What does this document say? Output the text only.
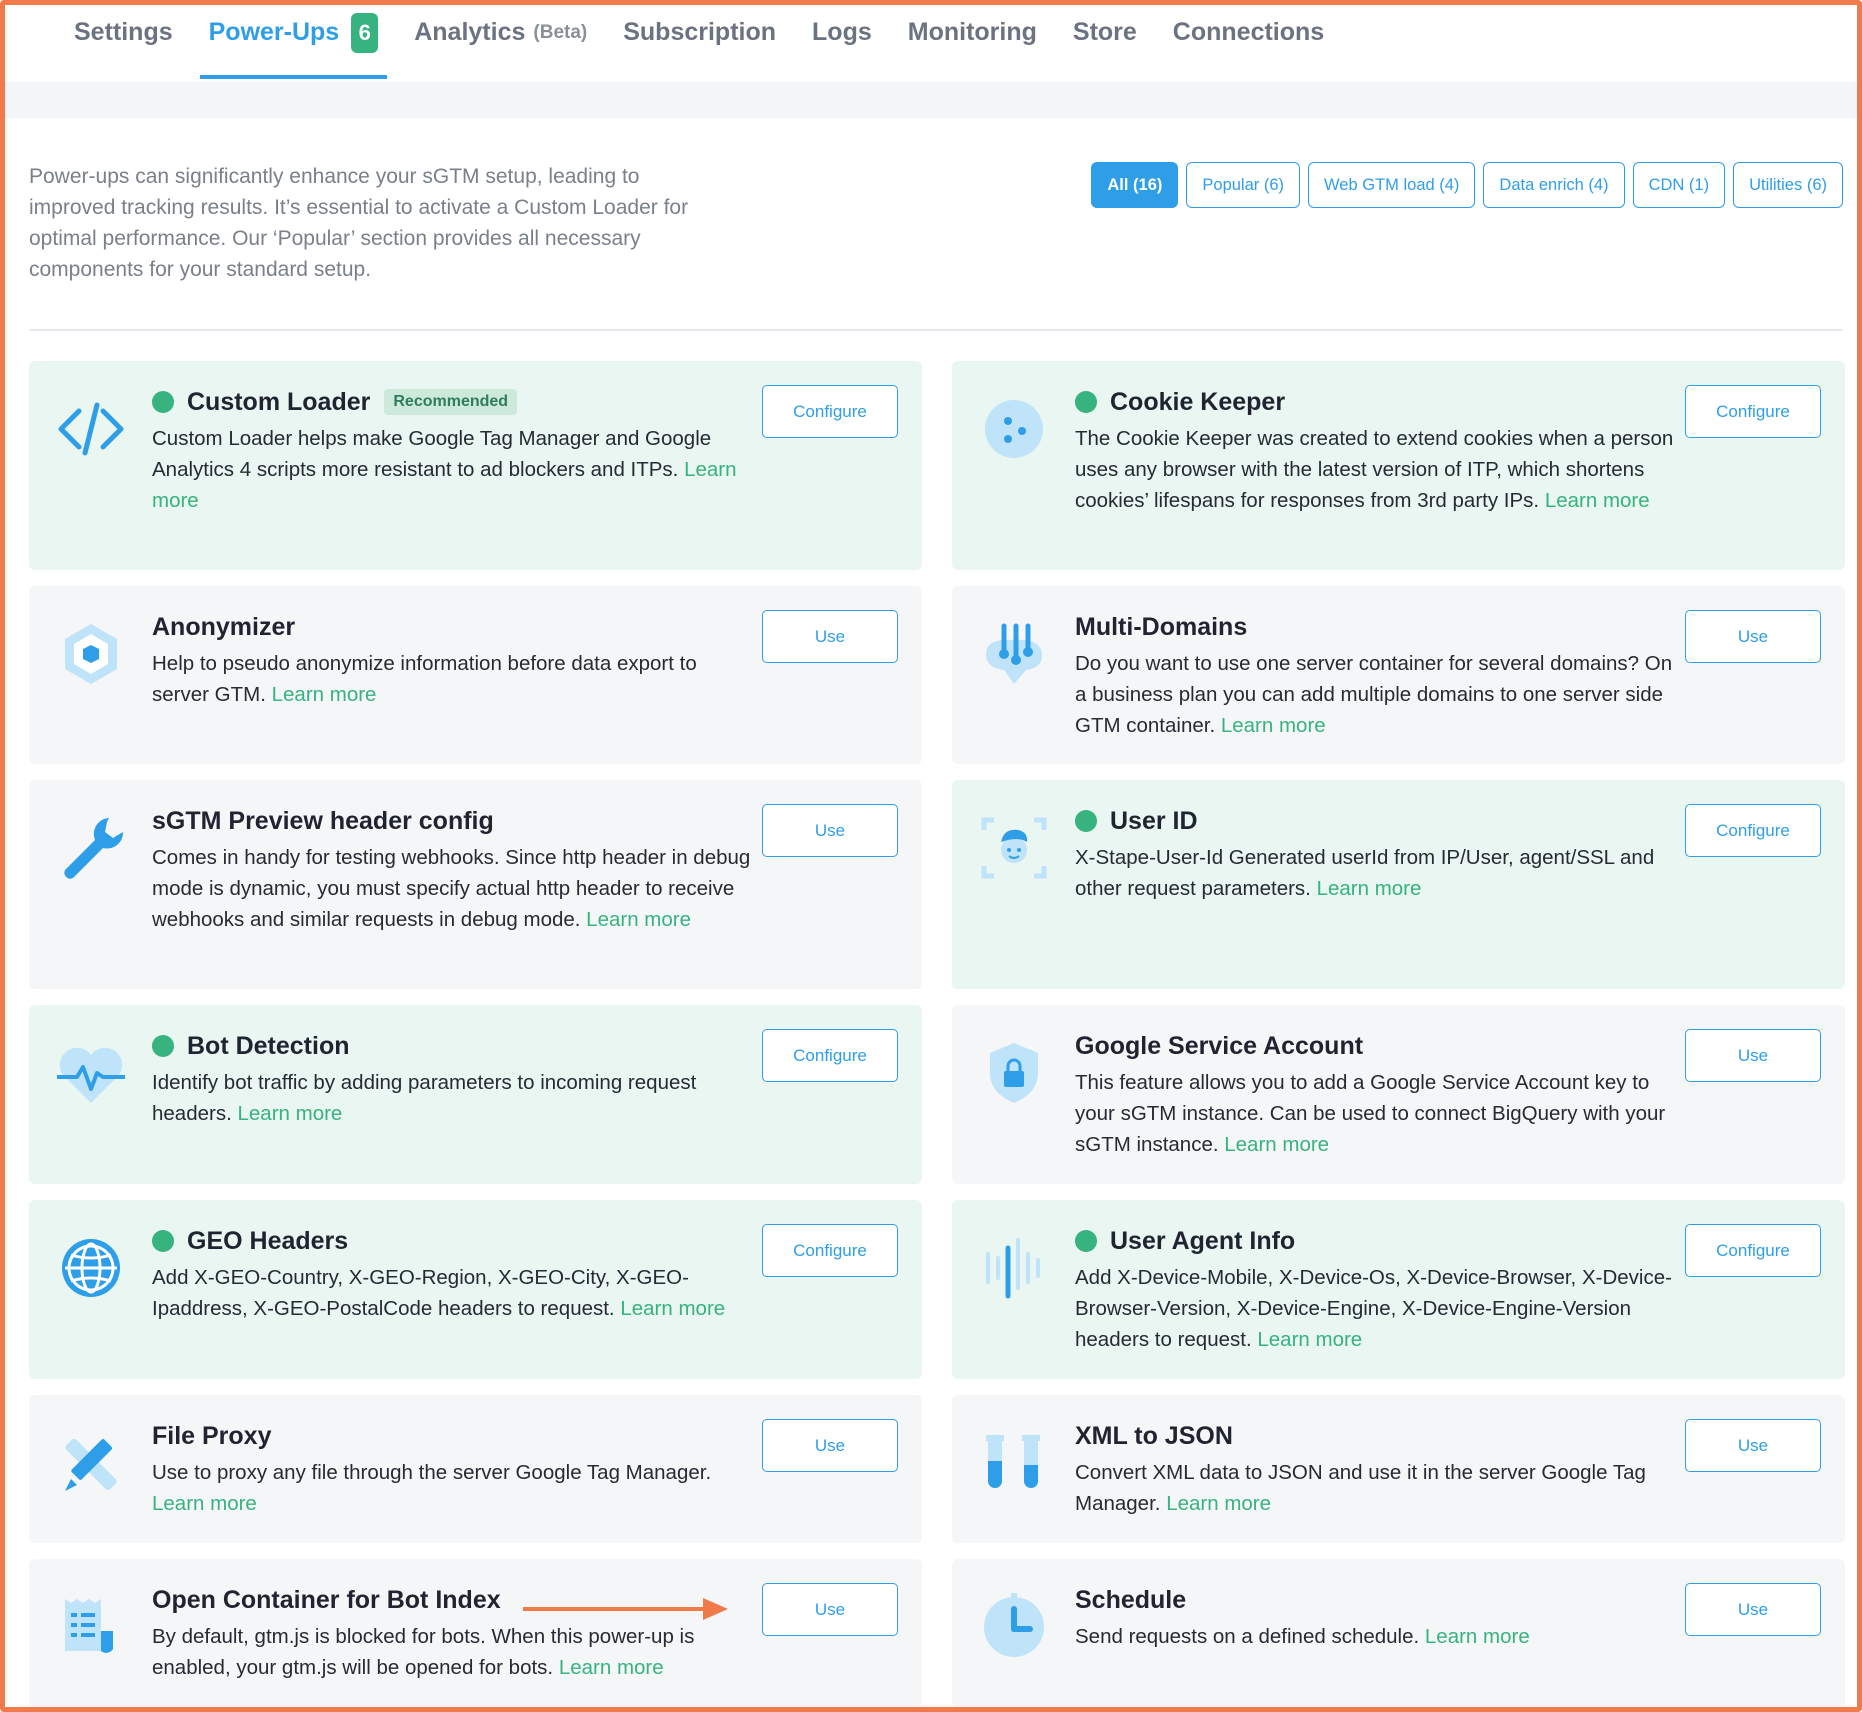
Settings Power-Ups 6 Analytics (Beta) Subscription Logs Monitoring Store Connections

Power-ups can significantly enhance your sGTM setup, leading to improved tracking results. It’s essential to activate a Custom Loader for optimal performance. Our ‘Popular’ section provides all necessary components for your standard setup.

All (16)	Popular (6)	Web GTM load (4)	Data enrich (4)	CDN (1)	Utilities (6)
Custom Loader	Recommended

Custom Loader helps make Google Tag Manager and Google Analytics 4 scripts more resistant to ad blockers and ITPs. Learn more

Configure	Cookie Keeper

The Cookie Keeper was created to extend cookies when a person uses any browser with the latest version of ITP, which shortens cookies’ lifespans for responses from 3rd party IPs. Learn more

Configure
Anonymizer

Help to pseudo anonymize information before data export to server GTM. Learn more

Use	Multi-Domains

Do you want to use one server container for several domains? On a business plan you can add multiple domains to one server side GTM container. Learn more

Use
sGTM Preview header config

Comes in handy for testing webhooks. Since http header in debug mode is dynamic, you must specify actual http header to receive webhooks and similar requests in debug mode. Learn more

Use	User ID

X-Stape-User-Id Generated userId from IP/User, agent/SSL and other request parameters. Learn more

Configure
Bot Detection

Identify bot traffic by adding parameters to incoming request headers. Learn more

Configure	Google Service Account

This feature allows you to add a Google Service Account key to your sGTM instance. Can be used to connect BigQuery with your sGTM instance. Learn more

Use
GEO Headers

Add X-GEO-Country, X-GEO-Region, X-GEO-City, X-GEO-Ipaddress, X-GEO-PostalCode headers to request. Learn more

Configure	User Agent Info

Add X-Device-Mobile, X-Device-Os, X-Device-Browser, X-Device-Browser-Version, X-Device-Engine, X-Device-Engine-Version headers to request. Learn more

Configure
File Proxy

Use to proxy any file through the server Google Tag Manager. Learn more

Use	XML to JSON

Convert XML data to JSON and use it in the server Google Tag Manager. Learn more

Use
Open Container for Bot Index

By default, gtm.js is blocked for bots. When this power-up is enabled, your gtm.js will be opened for bots. Learn more

Use	Schedule

Send requests on a defined schedule. Learn more

Use
